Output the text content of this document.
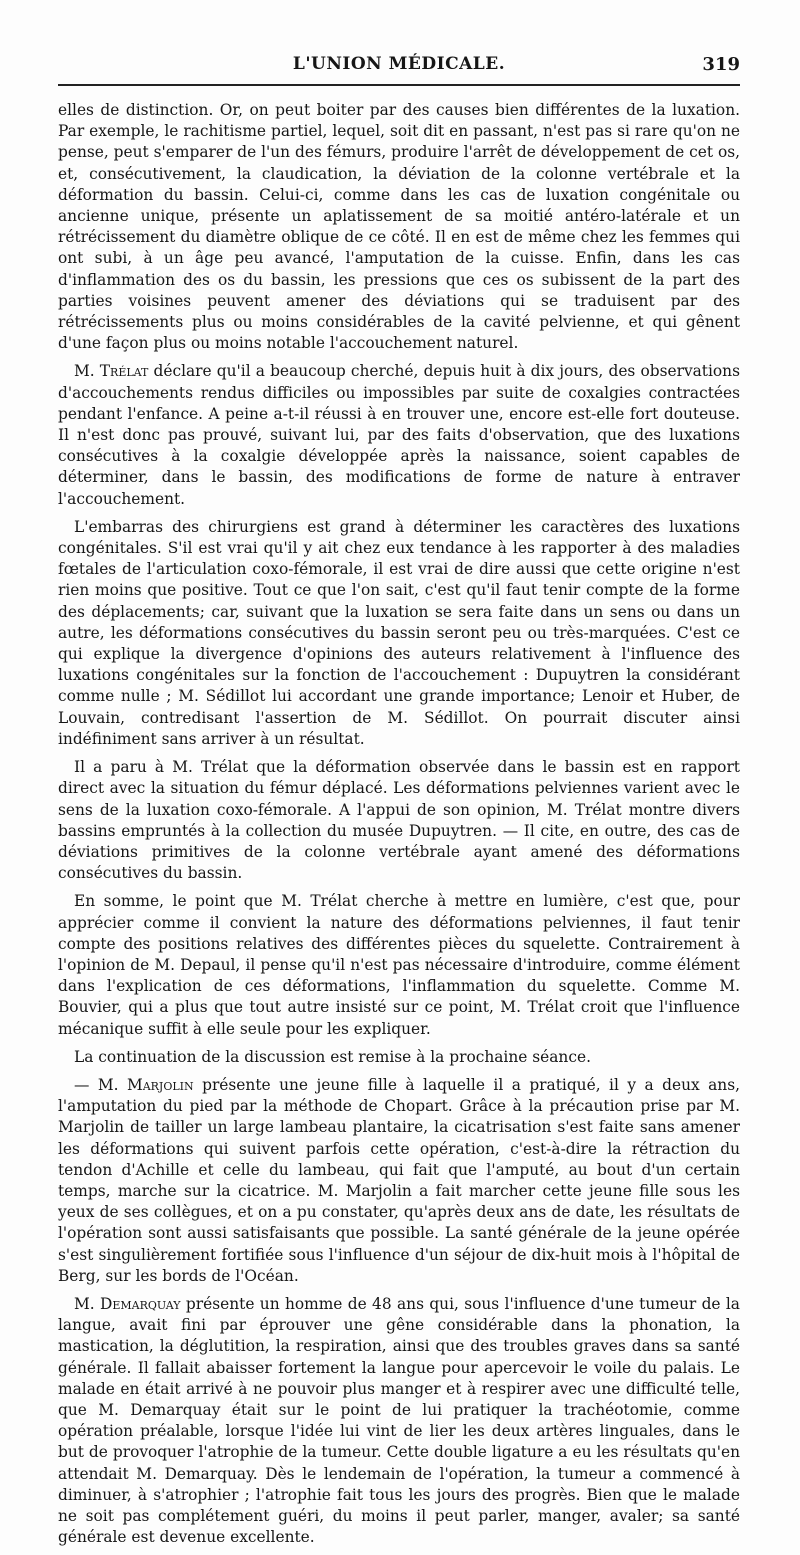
L'UNION MÉDICALE.	319

elles de distinction. Or, on peut boiter par des causes bien différentes de la luxation. Par exemple, le rachitisme partiel, lequel, soit dit en passant, n'est pas si rare qu'on ne pense, peut s'emparer de l'un des fémurs, produire l'arrêt de développement de cet os, et, consécutivement, la claudication, la déviation de la colonne vertébrale et la déformation du bassin. Celui-ci, comme dans les cas de luxation congénitale ou ancienne unique, présente un aplatissement de sa moitié antéro-latérale et un rétrécissement du diamètre oblique de ce côté. Il en est de même chez les femmes qui ont subi, à un âge peu avancé, l'amputation de la cuisse. Enfin, dans les cas d'inflammation des os du bassin, les pressions que ces os subissent de la part des parties voisines peuvent amener des déviations qui se traduisent par des rétrécissements plus ou moins considérables de la cavité pelvienne, et qui gênent d'une façon plus ou moins notable l'accouchement naturel.

M. Trélat déclare qu'il a beaucoup cherché, depuis huit à dix jours, des observations d'accouchements rendus difficiles ou impossibles par suite de coxalgies contractées pendant l'enfance. A peine a-t-il réussi à en trouver une, encore est-elle fort douteuse. Il n'est donc pas prouvé, suivant lui, par des faits d'observation, que des luxations consécutives à la coxalgie développée après la naissance, soient capables de déterminer, dans le bassin, des modifications de forme de nature à entraver l'accouchement.

L'embarras des chirurgiens est grand à déterminer les caractères des luxations congénitales. S'il est vrai qu'il y ait chez eux tendance à les rapporter à des maladies fœtales de l'articulation coxo-fémorale, il est vrai de dire aussi que cette origine n'est rien moins que positive. Tout ce que l'on sait, c'est qu'il faut tenir compte de la forme des déplacements; car, suivant que la luxation se sera faite dans un sens ou dans un autre, les déformations consécutives du bassin seront peu ou très-marquées. C'est ce qui explique la divergence d'opinions des auteurs relativement à l'influence des luxations congénitales sur la fonction de l'accouchement : Dupuytren la considérant comme nulle ; M. Sédillot lui accordant une grande importance; Lenoir et Huber, de Louvain, contredisant l'assertion de M. Sédillot. On pourrait discuter ainsi indéfiniment sans arriver à un résultat.

Il a paru à M. Trélat que la déformation observée dans le bassin est en rapport direct avec la situation du fémur déplacé. Les déformations pelviennes varient avec le sens de la luxation coxo-fémorale. A l'appui de son opinion, M. Trélat montre divers bassins empruntés à la collection du musée Dupuytren. — Il cite, en outre, des cas de déviations primitives de la colonne vertébrale ayant amené des déformations consécutives du bassin.

En somme, le point que M. Trélat cherche à mettre en lumière, c'est que, pour apprécier comme il convient la nature des déformations pelviennes, il faut tenir compte des positions relatives des différentes pièces du squelette. Contrairement à l'opinion de M. Depaul, il pense qu'il n'est pas nécessaire d'introduire, comme élément dans l'explication de ces déformations, l'inflammation du squelette. Comme M. Bouvier, qui a plus que tout autre insisté sur ce point, M. Trélat croit que l'influence mécanique suffit à elle seule pour les expliquer.

La continuation de la discussion est remise à la prochaine séance.

— M. Marjolin présente une jeune fille à laquelle il a pratiqué, il y a deux ans, l'amputation du pied par la méthode de Chopart. Grâce à la précaution prise par M. Marjolin de tailler un large lambeau plantaire, la cicatrisation s'est faite sans amener les déformations qui suivent parfois cette opération, c'est-à-dire la rétraction du tendon d'Achille et celle du lambeau, qui fait que l'amputé, au bout d'un certain temps, marche sur la cicatrice. M. Marjolin a fait marcher cette jeune fille sous les yeux de ses collègues, et on a pu constater, qu'après deux ans de date, les résultats de l'opération sont aussi satisfaisants que possible. La santé générale de la jeune opérée s'est singulièrement fortifiée sous l'influence d'un séjour de dix-huit mois à l'hôpital de Berg, sur les bords de l'Océan.

M. Demarquay présente un homme de 48 ans qui, sous l'influence d'une tumeur de la langue, avait fini par éprouver une gêne considérable dans la phonation, la mastication, la déglutition, la respiration, ainsi que des troubles graves dans sa santé générale. Il fallait abaisser fortement la langue pour apercevoir le voile du palais. Le malade en était arrivé à ne pouvoir plus manger et à respirer avec une difficulté telle, que M. Demarquay était sur le point de lui pratiquer la trachéotomie, comme opération préalable, lorsque l'idée lui vint de lier les deux artères linguales, dans le but de provoquer l'atrophie de la tumeur. Cette double ligature a eu les résultats qu'en attendait M. Demarquay. Dès le lendemain de l'opération, la tumeur a commencé à diminuer, à s'atrophier ; l'atrophie fait tous les jours des progrès. Bien que le malade ne soit pas complétement guéri, du moins il peut parler, manger, avaler; sa santé générale est devenue excellente.
